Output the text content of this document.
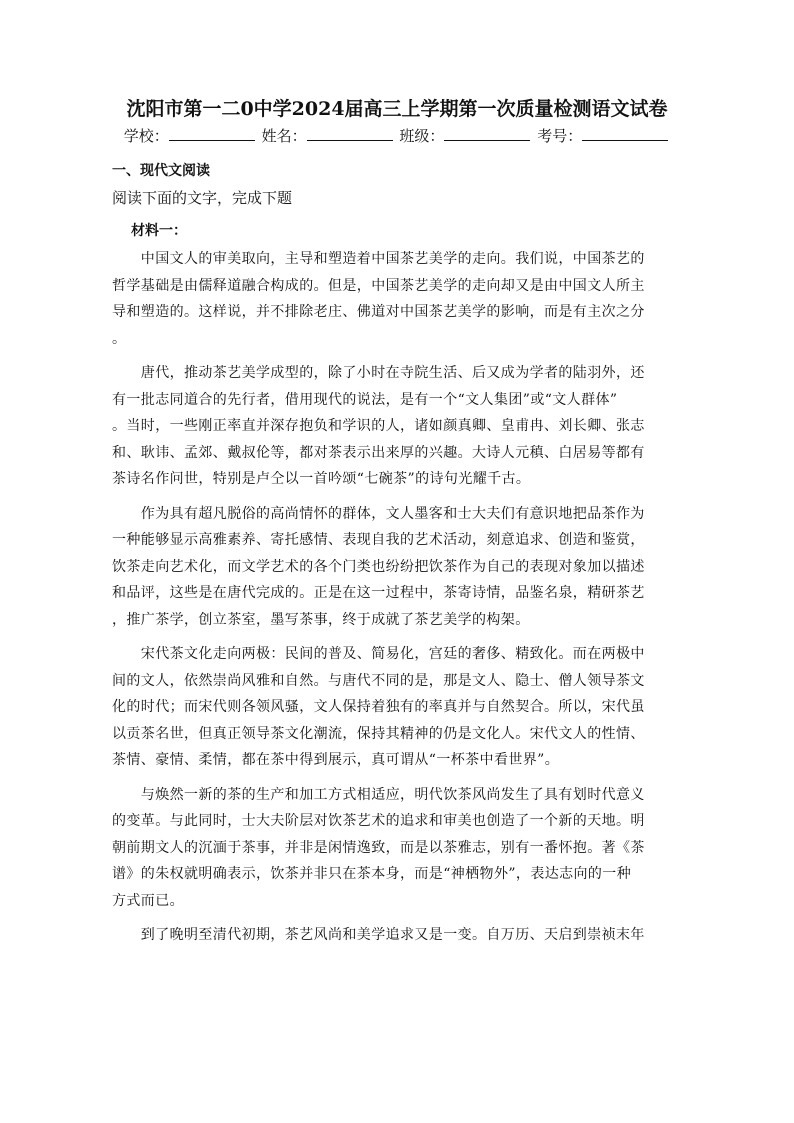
沈阳市第一二0中学2024届高三上学期第一次质量检测语文试卷
学校：	姓名：	班级：	考号：
一、现代文阅读
阅读下面的文字，完成下题
材料一：
　　中国文人的审美取向，主导和塑造着中国茶艺美学的走向。我们说，中国茶艺的
哲学基础是由儒释道融合构成的。但是，中国茶艺美学的走向却又是由中国文人所主
导和塑造的。这样说，并不排除老庄、佛道对中国茶艺美学的影响，而是有主次之分
。
　　唐代，推动茶艺美学成型的，除了小时在寺院生活、后又成为学者的陆羽外，还
有一批志同道合的先行者，借用现代的说法，是有一个“文人集团”或“文人群体”
。当时，一些刚正率直并深存抱负和学识的人，诸如颜真卿、皇甫冉、刘长卿、张志
和、耿讳、孟郊、戴叔伦等，都对茶表示出来厚的兴趣。大诗人元稹、白居易等都有
茶诗名作问世，特别是卢仝以一首吟颂“七碗茶”的诗句光耀千古。
　　作为具有超凡脱俗的高尚情怀的群体，文人墨客和士大夫们有意识地把品茶作为
一种能够显示高雅素养、寄托感情、表现自我的艺术活动，刻意追求、创造和鉴赏，
饮茶走向艺术化，而文学艺术的各个门类也纷纷把饮茶作为自己的表现对象加以描述
和品评，这些是在唐代完成的。正是在这一过程中，茶寄诗情，品鉴名泉，精研茶艺
，推广茶学，创立茶室，墨写茶事，终于成就了茶艺美学的构架。
　　宋代茶文化走向两极：民间的普及、简易化，宫廷的奢侈、精致化。而在两极中
间的文人，依然崇尚风雅和自然。与唐代不同的是，那是文人、隐士、僧人领导茶文
化的时代；而宋代则各领风骚，文人保持着独有的率真并与自然契合。所以，宋代虽
以贡茶名世，但真正领导茶文化潮流，保持其精神的仍是文化人。宋代文人的性情、
茶情、豪情、柔情，都在茶中得到展示，真可谓从“一杯茶中看世界”。
　　与焕然一新的茶的生产和加工方式相适应，明代饮茶风尚发生了具有划时代意义
的变革。与此同时，士大夫阶层对饮茶艺术的追求和审美也创造了一个新的天地。明
朝前期文人的沉湎于茶事，并非是闲情逸致，而是以茶雅志，别有一番怀抱。著《茶
谱》的朱权就明确表示，饮茶并非只在茶本身，而是“神栖物外”，表达志向的一种
方式而已。
　　到了晚明至清代初期，茶艺风尚和美学追求又是一变。自万历、天启到崇祯末年
